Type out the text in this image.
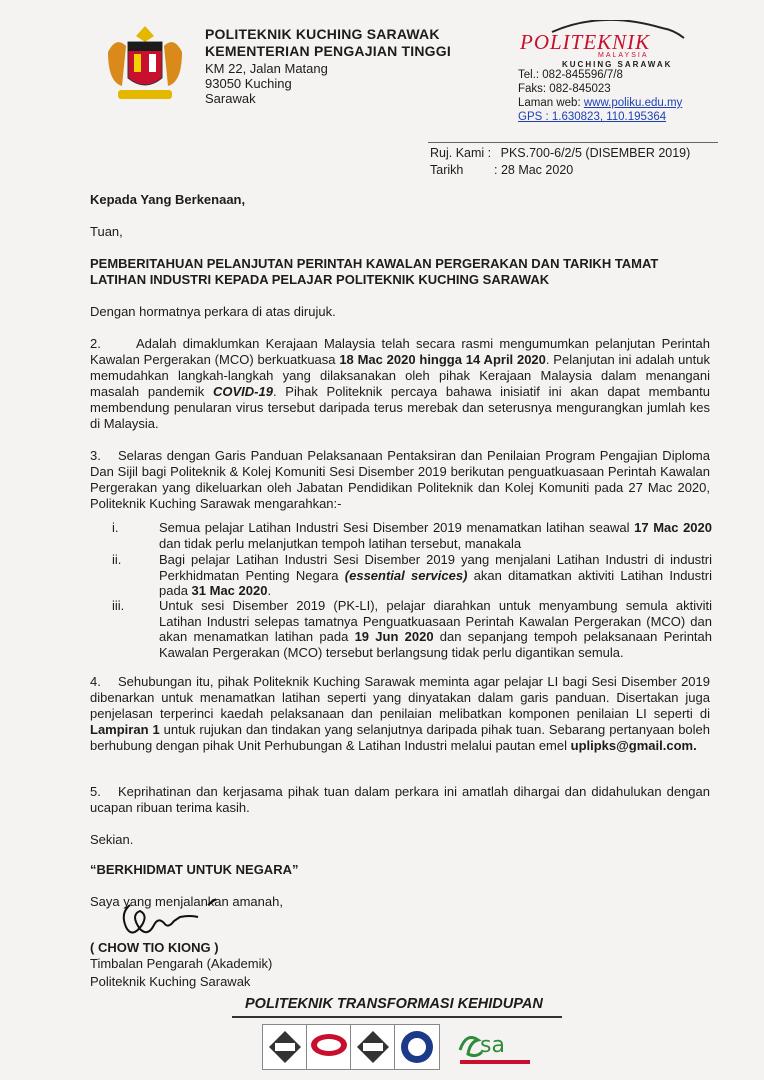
POLITEKNIK KUCHING SARAWAK
KEMENTERIAN PENGAJIAN TINGGI
KM 22, Jalan Matang
93050 Kuching
Sarawak
POLITEKNIK
MALAYSIA
KUCHING SARAWAK
Tel.: 082-845596/7/8
Faks: 082-845023
Laman web: www.poliku.edu.my
GPS : 1.630823, 110.195364
Ruj. Kami : PKS.700-6/2/5 (DISEMBER 2019)
Tarikh : 28 Mac 2020
Kepada Yang Berkenaan,
Tuan,
PEMBERITAHUAN PELANJUTAN PERINTAH KAWALAN PERGERAKAN DAN TARIKH TAMAT
LATIHAN INDUSTRI KEPADA PELAJAR POLITEKNIK KUCHING SARAWAK
Dengan hormatnya perkara di atas dirujuk.
2.	Adalah dimaklumkan Kerajaan Malaysia telah secara rasmi mengumumkan pelanjutan Perintah Kawalan Pergerakan (MCO) berkuatkuasa 18 Mac 2020 hingga 14 April 2020. Pelanjutan ini adalah untuk memudahkan langkah-langkah yang dilaksanakan oleh pihak Kerajaan Malaysia dalam menangani masalah pandemik COVID-19. Pihak Politeknik percaya bahawa inisiatif ini akan dapat membantu membendung penularan virus tersebut daripada terus merebak dan seterusnya mengurangkan jumlah kes di Malaysia.
3. Selaras dengan Garis Panduan Pelaksanaan Pentaksiran dan Penilaian Program Pengajian Diploma Dan Sijil bagi Politeknik & Kolej Komuniti Sesi Disember 2019 berikutan penguatkuasaan Perintah Kawalan Pergerakan yang dikeluarkan oleh Jabatan Pendidikan Politeknik dan Kolej Komuniti pada 27 Mac 2020, Politeknik Kuching Sarawak mengarahkan:-
i.	Semua pelajar Latihan Industri Sesi Disember 2019 menamatkan latihan seawal 17 Mac 2020 dan tidak perlu melanjutkan tempoh latihan tersebut, manakala
ii.	Bagi pelajar Latihan Industri Sesi Disember 2019 yang menjalani Latihan Industri di industri Perkhidmatan Penting Negara (essential services) akan ditamatkan aktiviti Latihan Industri pada 31 Mac 2020.
iii.	Untuk sesi Disember 2019 (PK-LI), pelajar diarahkan untuk menyambung semula aktiviti Latihan Industri selepas tamatnya Penguatkuasaan Perintah Kawalan Pergerakan (MCO) dan akan menamatkan latihan pada 19 Jun 2020 dan sepanjang tempoh pelaksanaan Perintah Kawalan Pergerakan (MCO) tersebut berlangsung tidak perlu digantikan semula.
4. Sehubungan itu, pihak Politeknik Kuching Sarawak meminta agar pelajar LI bagi Sesi Disember 2019 dibenarkan untuk menamatkan latihan seperti yang dinyatakan dalam garis panduan. Disertakan juga penjelasan terperinci kaedah pelaksanaan dan penilaian melibatkan komponen penilaian LI seperti di Lampiran 1 untuk rujukan dan tindakan yang selanjutnya daripada pihak tuan. Sebarang pertanyaan boleh berhubung dengan pihak Unit Perhubungan & Latihan Industri melalui pautan emel uplipks@gmail.com.
5. Keprihatinan dan kerjasama pihak tuan dalam perkara ini amatlah dihargai dan didahulukan dengan ucapan ribuan terima kasih.
Sekian.
“BERKHIDMAT UNTUK NEGARA”
Saya yang menjalankan amanah,
( CHOW TIO KIONG )
Timbalan Pengarah (Akademik)
Politeknik Kuching Sarawak
POLITEKNIK TRANSFORMASI KEHIDUPAN
sa
